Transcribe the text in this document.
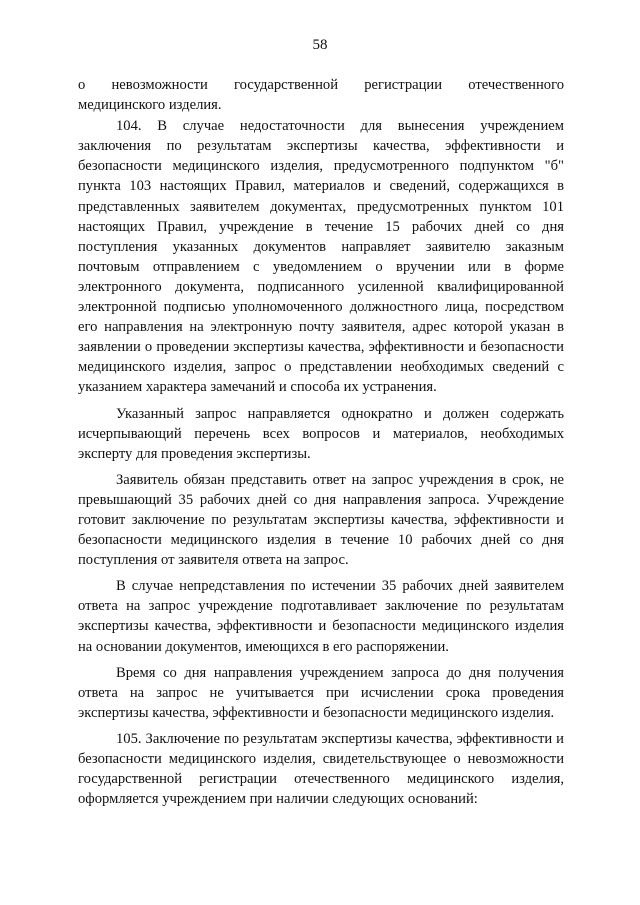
58

о невозможности государственной регистрации отечественного медицинского изделия.

104. В случае недостаточности для вынесения учреждением заключения по результатам экспертизы качества, эффективности и безопасности медицинского изделия, предусмотренного подпунктом "б" пункта 103 настоящих Правил, материалов и сведений, содержащихся в представленных заявителем документах, предусмотренных пунктом 101 настоящих Правил, учреждение в течение 15 рабочих дней со дня поступления указанных документов направляет заявителю заказным почтовым отправлением с уведомлением о вручении или в форме электронного документа, подписанного усиленной квалифицированной электронной подписью уполномоченного должностного лица, посредством его направления на электронную почту заявителя, адрес которой указан в заявлении о проведении экспертизы качества, эффективности и безопасности медицинского изделия, запрос о представлении необходимых сведений с указанием характера замечаний и способа их устранения.

Указанный запрос направляется однократно и должен содержать исчерпывающий перечень всех вопросов и материалов, необходимых эксперту для проведения экспертизы.

Заявитель обязан представить ответ на запрос учреждения в срок, не превышающий 35 рабочих дней со дня направления запроса. Учреждение готовит заключение по результатам экспертизы качества, эффективности и безопасности медицинского изделия в течение 10 рабочих дней со дня поступления от заявителя ответа на запрос.

В случае непредставления по истечении 35 рабочих дней заявителем ответа на запрос учреждение подготавливает заключение по результатам экспертизы качества, эффективности и безопасности медицинского изделия на основании документов, имеющихся в его распоряжении.

Время со дня направления учреждением запроса до дня получения ответа на запрос не учитывается при исчислении срока проведения экспертизы качества, эффективности и безопасности медицинского изделия.

105. Заключение по результатам экспертизы качества, эффективности и безопасности медицинского изделия, свидетельствующее о невозможности государственной регистрации отечественного медицинского изделия, оформляется учреждением при наличии следующих оснований:
